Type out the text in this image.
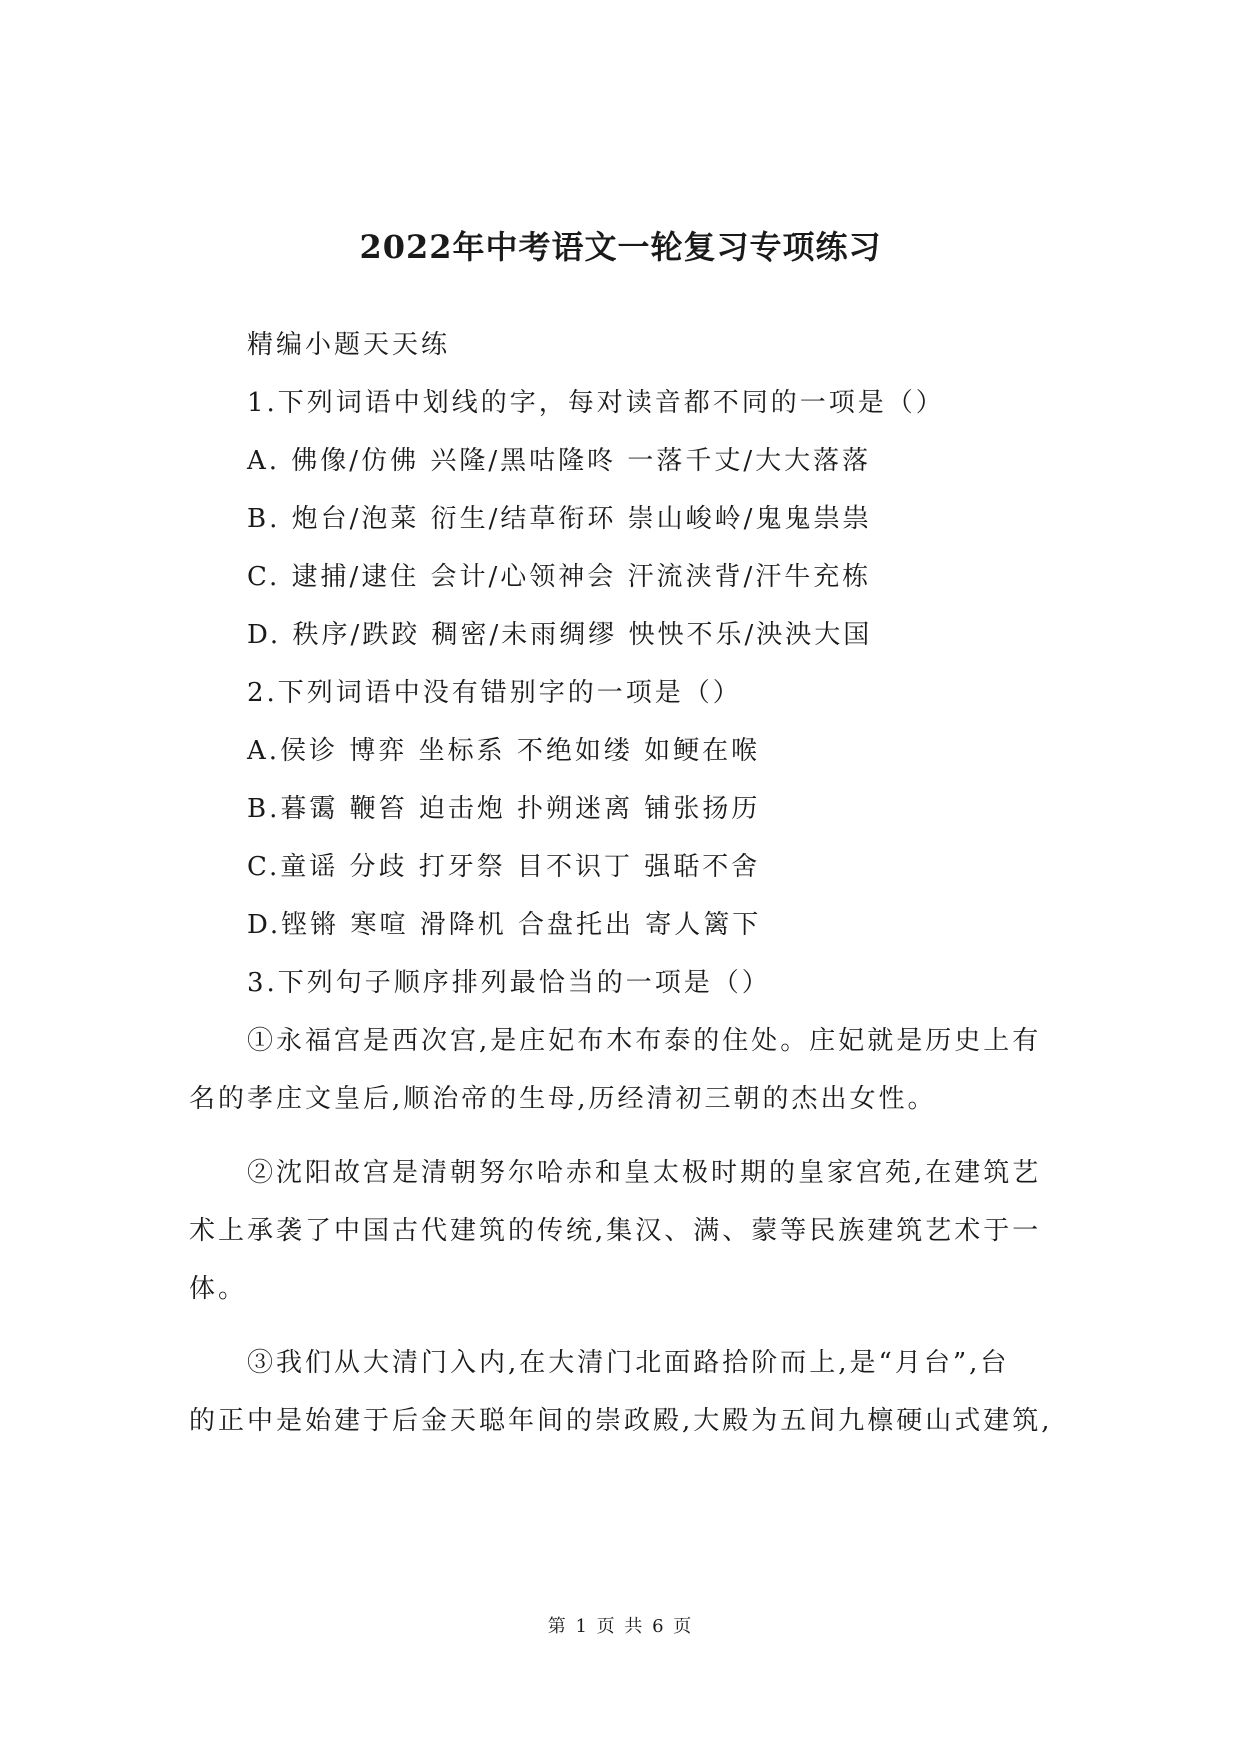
2022年中考语文一轮复习专项练习
精编小题天天练
1.下列词语中划线的字，每对读音都不同的一项是（）
A. 佛像/仿佛 兴隆/黑咕隆咚 一落千丈/大大落落
B. 炮台/泡菜 衍生/结草衔环 崇山峻岭/鬼鬼祟祟
C. 逮捕/逮住 会计/心领神会 汗流浃背/汗牛充栋
D. 秩序/跌跤 稠密/未雨绸缪 怏怏不乐/泱泱大国
2.下列词语中没有错别字的一项是（）
A.侯诊 博弈 坐标系 不绝如缕 如鲠在喉
B.暮霭 鞭笞 迫击炮 扑朔迷离 铺张扬历
C.童谣 分歧 打牙祭 目不识丁 强聒不舍
D.铿锵 寒喧 滑降机 合盘托出 寄人篱下
3.下列句子顺序排列最恰当的一项是（）
①永福宫是西次宫,是庄妃布木布泰的住处。庄妃就是历史上有
名的孝庄文皇后,顺治帝的生母,历经清初三朝的杰出女性。
②沈阳故宫是清朝努尔哈赤和皇太极时期的皇家宫苑,在建筑艺
术上承袭了中国古代建筑的传统,集汉、满、蒙等民族建筑艺术于一
体。
③我们从大清门入内,在大清门北面路拾阶而上,是“月台”,台
的正中是始建于后金天聪年间的崇政殿,大殿为五间九檩硬山式建筑,
第 1 页 共 6 页
